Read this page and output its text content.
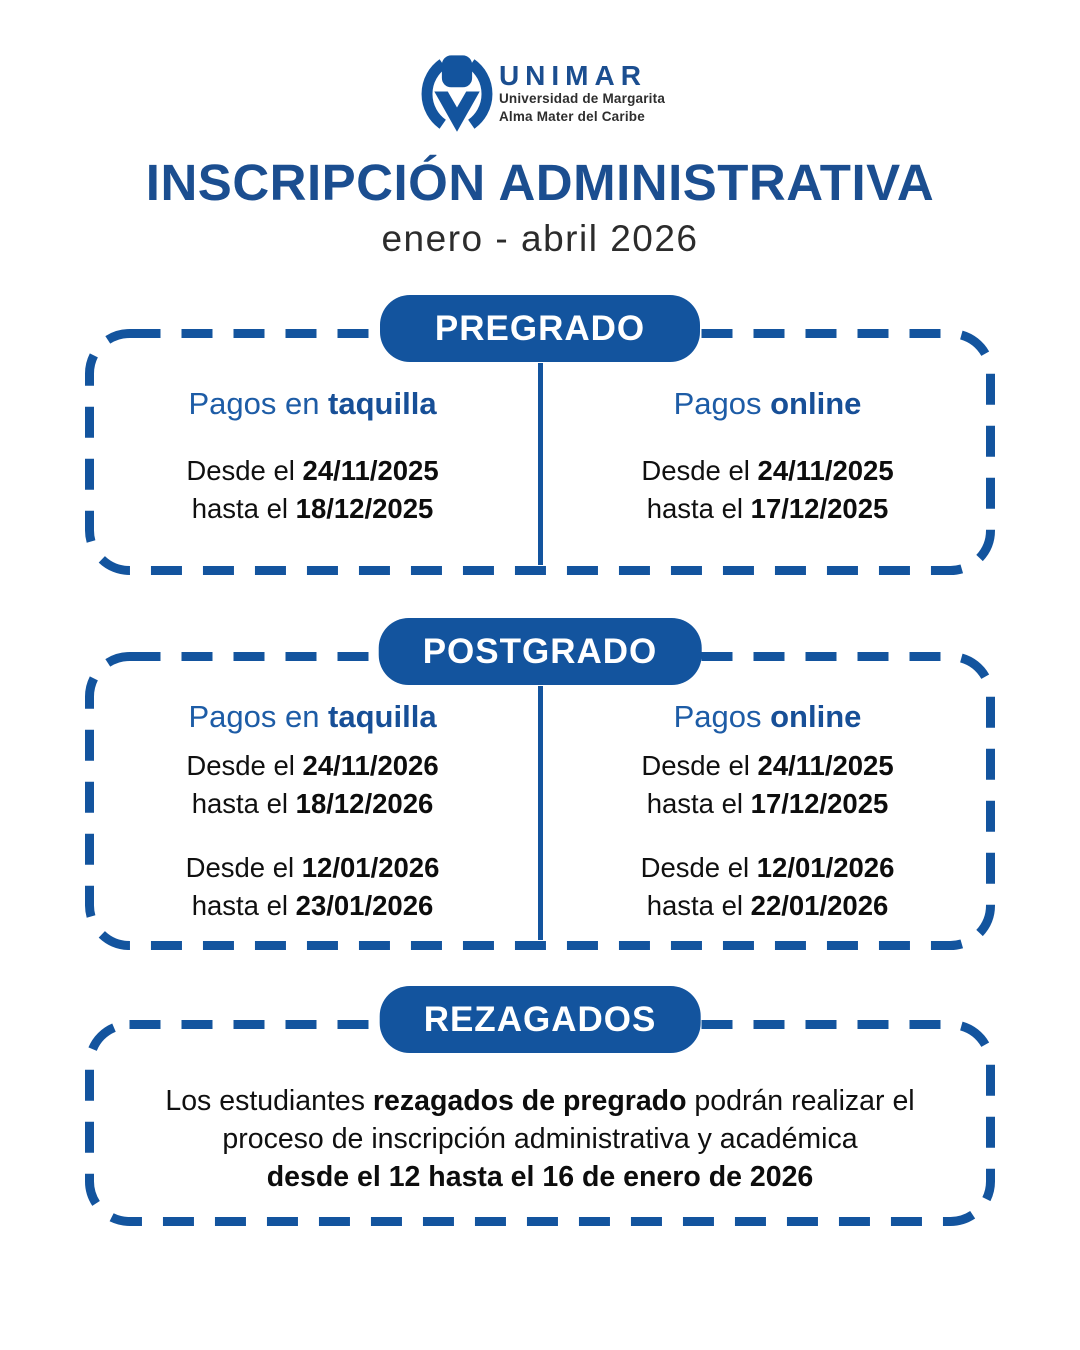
UNIMAR
Universidad de Margarita
Alma Mater del Caribe
INSCRIPCIÓN ADMINISTRATIVA
enero - abril 2026
PREGRADO
Pagos en taquilla

Desde el 24/11/2025
hasta el 18/12/2025

Pagos online

Desde el 24/11/2025
hasta el 17/12/2025

POSTGRADO
Pagos en taquilla

Desde el 24/11/2026
hasta el 18/12/2026

Desde el 12/01/2026
hasta el 23/01/2026

Pagos online

Desde el 24/11/2025
hasta el 17/12/2025

Desde el 12/01/2026
hasta el 22/01/2026

REZAGADOS
Los estudiantes rezagados de pregrado podrán realizar el
proceso de inscripción administrativa y académica
desde el 12 hasta el 16 de enero de 2026
